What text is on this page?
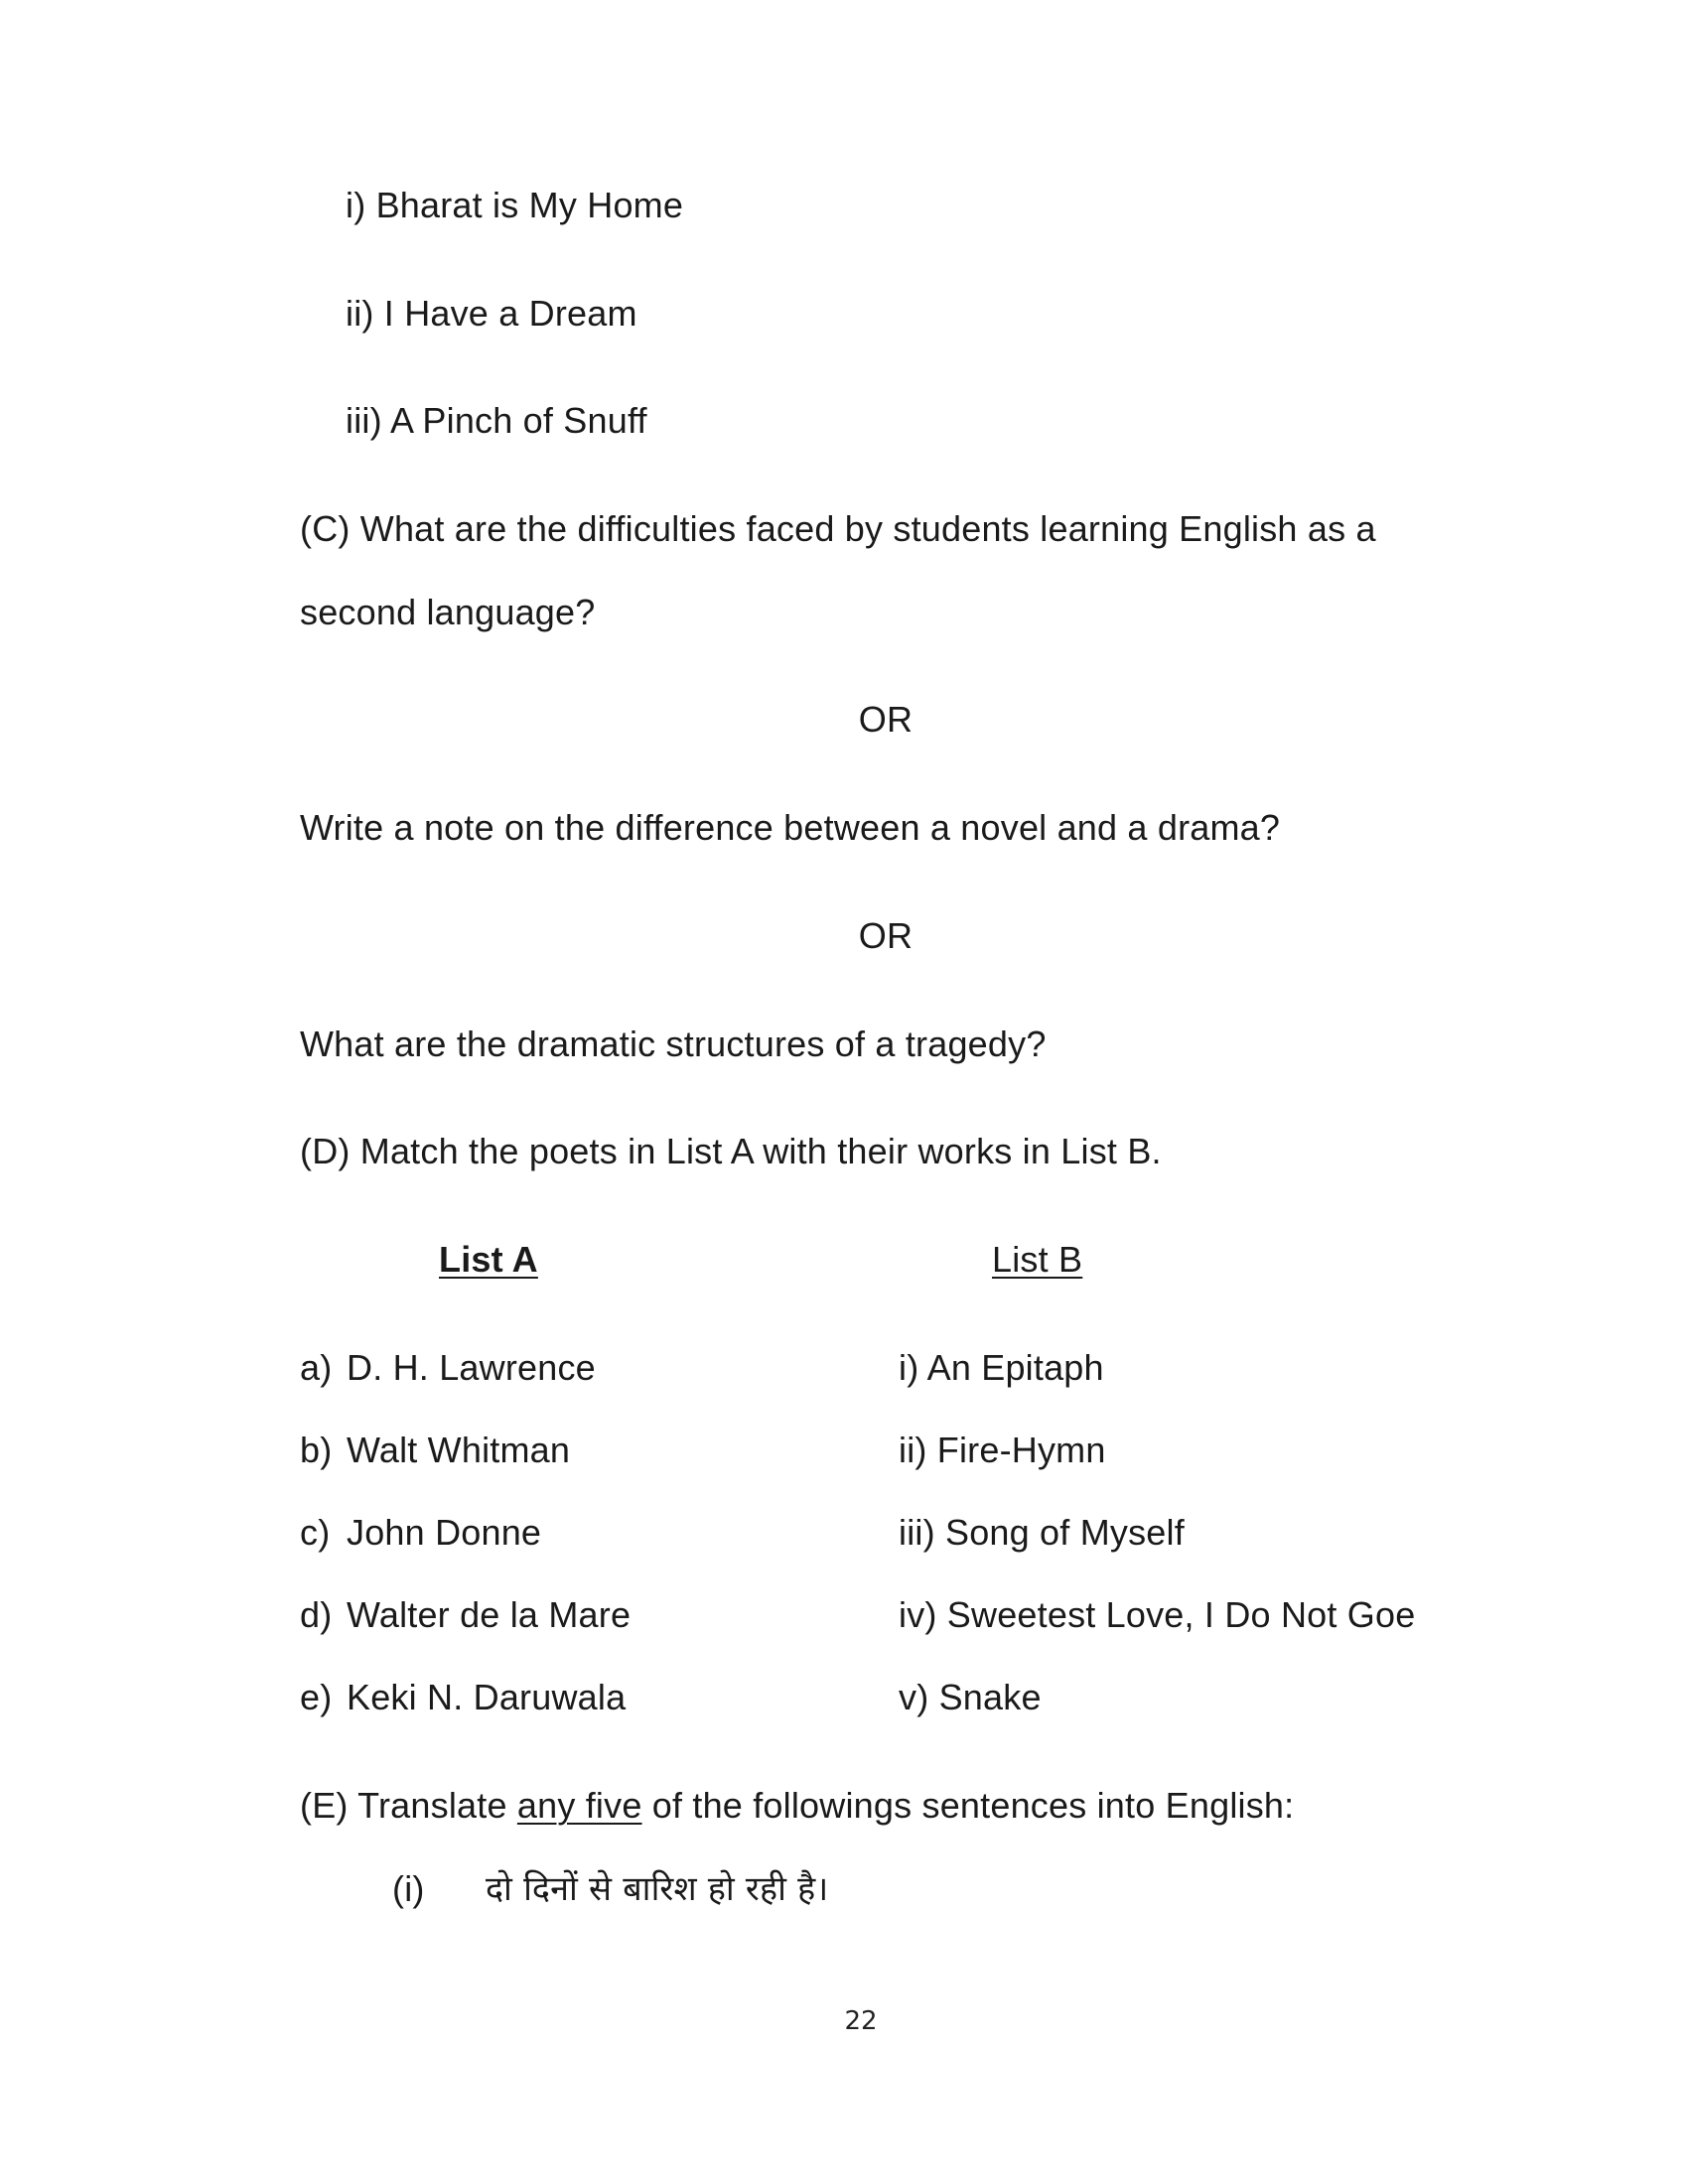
i) Bharat is My Home
ii) I Have a Dream
iii) A Pinch of Snuff
(C) What are the difficulties faced by students learning English as a
second language?
OR
Write a note on the difference between a novel and a drama?
OR
What are the dramatic structures of a tragedy?
(D) Match the poets in List A with their works in List B.
List A	List B
a) D. H. Lawrence
b) Walt Whitman
c) John Donne
d) Walter de la Mare
e) Keki N. Daruwala
i) An Epitaph
ii) Fire-Hymn
iii) Song of Myself
iv) Sweetest Love, I Do Not Goe
v) Snake
(E) Translate any five of the followings sentences into English:
(i) दो दिनों से बारिश हो रही है।
22
